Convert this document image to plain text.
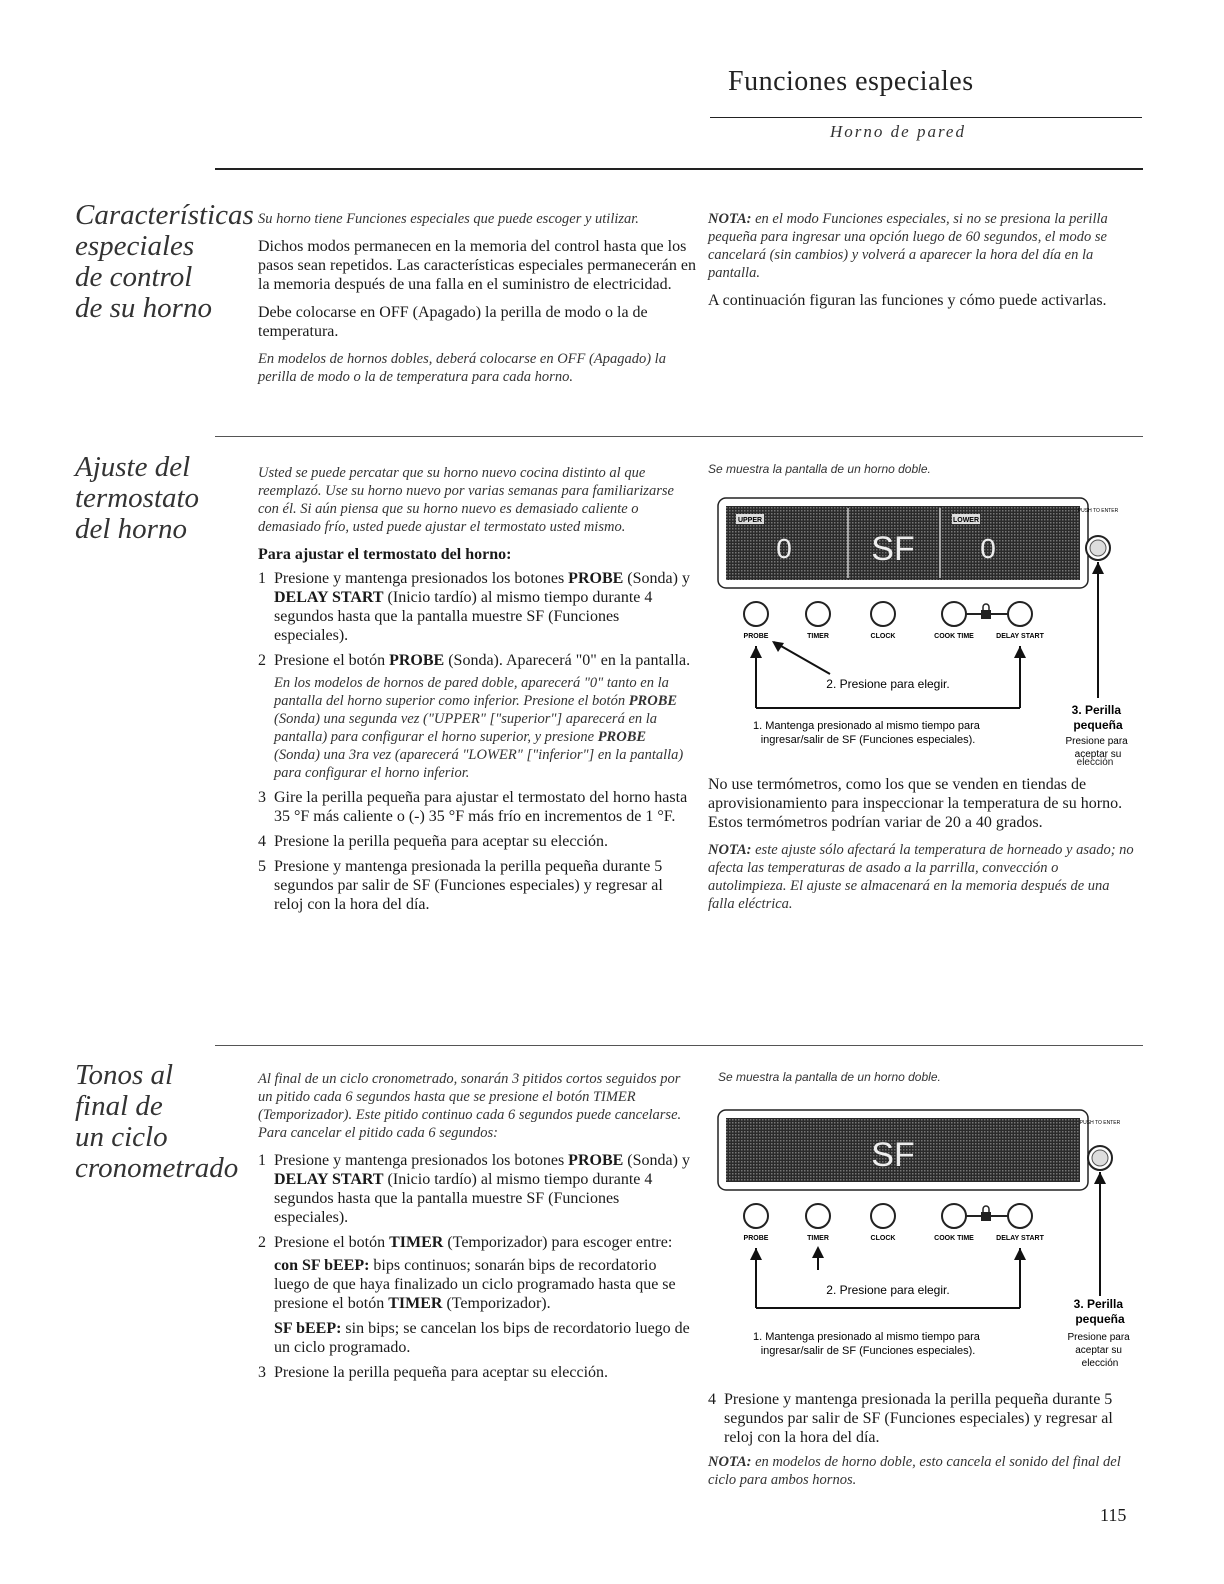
Funciones especiales
Horno de pared
Características
especiales
de control
de su horno

Su horno tiene Funciones especiales que puede escoger y utilizar.

Dichos modos permanecen en la memoria del control hasta que los pasos sean repetidos. Las características especiales permanecerán en la memoria después de una falla en el suministro de electricidad.

Debe colocarse en OFF (Apagado) la perilla de modo o la de temperatura.

En modelos de hornos dobles, deberá colocarse en OFF (Apagado) la perilla de modo o la de temperatura para cada horno.

NOTA: en el modo Funciones especiales, si no se presiona la perilla pequeña para ingresar una opción luego de 60 segundos, el modo se cancelará (sin cambios) y volverá a aparecer la hora del día en la pantalla.

A continuación figuran las funciones y cómo puede activarlas.

Ajuste del
termostato
del horno

Usted se puede percatar que su horno nuevo cocina distinto al que reemplazó. Use su horno nuevo por varias semanas para familiarizarse con él. Si aún piensa que su horno nuevo es demasiado caliente o demasiado frío, usted puede ajustar el termostato usted mismo.

Para ajustar el termostato del horno:

1 Presione y mantenga presionados los botones PROBE (Sonda) y DELAY START (Inicio tardío) al mismo tiempo durante 4 segundos hasta que la pantalla muestre SF (Funciones especiales).
2 Presione el botón PROBE (Sonda). Aparecerá "0" en la pantalla.
En los modelos de hornos de pared doble, aparecerá "0" tanto en la pantalla del horno superior como inferior. Presione el botón PROBE (Sonda) una segunda vez ("UPPER" ["superior"] aparecerá en la pantalla) para configurar el horno superior, y presione PROBE (Sonda) una 3ra vez (aparecerá "LOWER" ["inferior"] en la pantalla) para configurar el horno inferior.
3 Gire la perilla pequeña para ajustar el termostato del horno hasta 35 °F más caliente o (-) 35 °F más frío en incrementos de 1 °F.
4 Presione la perilla pequeña para aceptar su elección.
5 Presione y mantenga presionada la perilla pequeña durante 5 segundos par salir de SF (Funciones especiales) y regresar al reloj con la hora del día.
Se muestra la pantalla de un horno doble.
UPPER
0 SF
LOWER
0
PUSH TO ENTER
PROBE	TIMER	CLOCK	COOK TIME	DELAY START
2. Presione para elegir.
1. Mantenga presionado al mismo tiempo para ingresar/salir de SF (Funciones especiales).
3. Perilla pequeña
Presione para aceptar su
elección

No use termómetros, como los que se venden en tiendas de aprovisionamiento para inspeccionar la temperatura de su horno. Estos termómetros podrían variar de 20 a 40 grados.

NOTA: este ajuste sólo afectará la temperatura de horneado y asado; no afecta las temperaturas de asado a la parrilla, convección o autolimpieza. El ajuste se almacenará en la memoria después de una falla eléctrica.

Tonos al
final de
un ciclo
cronometrado

Al final de un ciclo cronometrado, sonarán 3 pitidos cortos seguidos por un pitido cada 6 segundos hasta que se presione el botón TIMER (Temporizador). Este pitido continuo cada 6 segundos puede cancelarse. Para cancelar el pitido cada 6 segundos:

1 Presione y mantenga presionados los botones PROBE (Sonda) y DELAY START (Inicio tardío) al mismo tiempo durante 4 segundos hasta que la pantalla muestre SF (Funciones especiales).
2 Presione el botón TIMER (Temporizador) para escoger entre:
con SF bEEP: bips continuos; sonarán bips de recordatorio luego de que haya finalizado un ciclo programado hasta que se presione el botón TIMER (Temporizador).
SF bEEP: sin bips; se cancelan los bips de recordatorio luego de un ciclo programado.
3 Presione la perilla pequeña para aceptar su elección.
Se muestra la pantalla de un horno doble.
SF
PUSH TO ENTER
PROBE	TIMER	CLOCK	COOK TIME	DELAY START
2. Presione para elegir.
1. Mantenga presionado al mismo tiempo para ingresar/salir de SF (Funciones especiales).
3. Perilla pequeña
Presione para aceptar su elección
4 Presione y mantenga presionada la perilla pequeña durante 5 segundos par salir de SF (Funciones especiales) y regresar al reloj con la hora del día.

NOTA: en modelos de horno doble, esto cancela el sonido del final del ciclo para ambos hornos.

115
